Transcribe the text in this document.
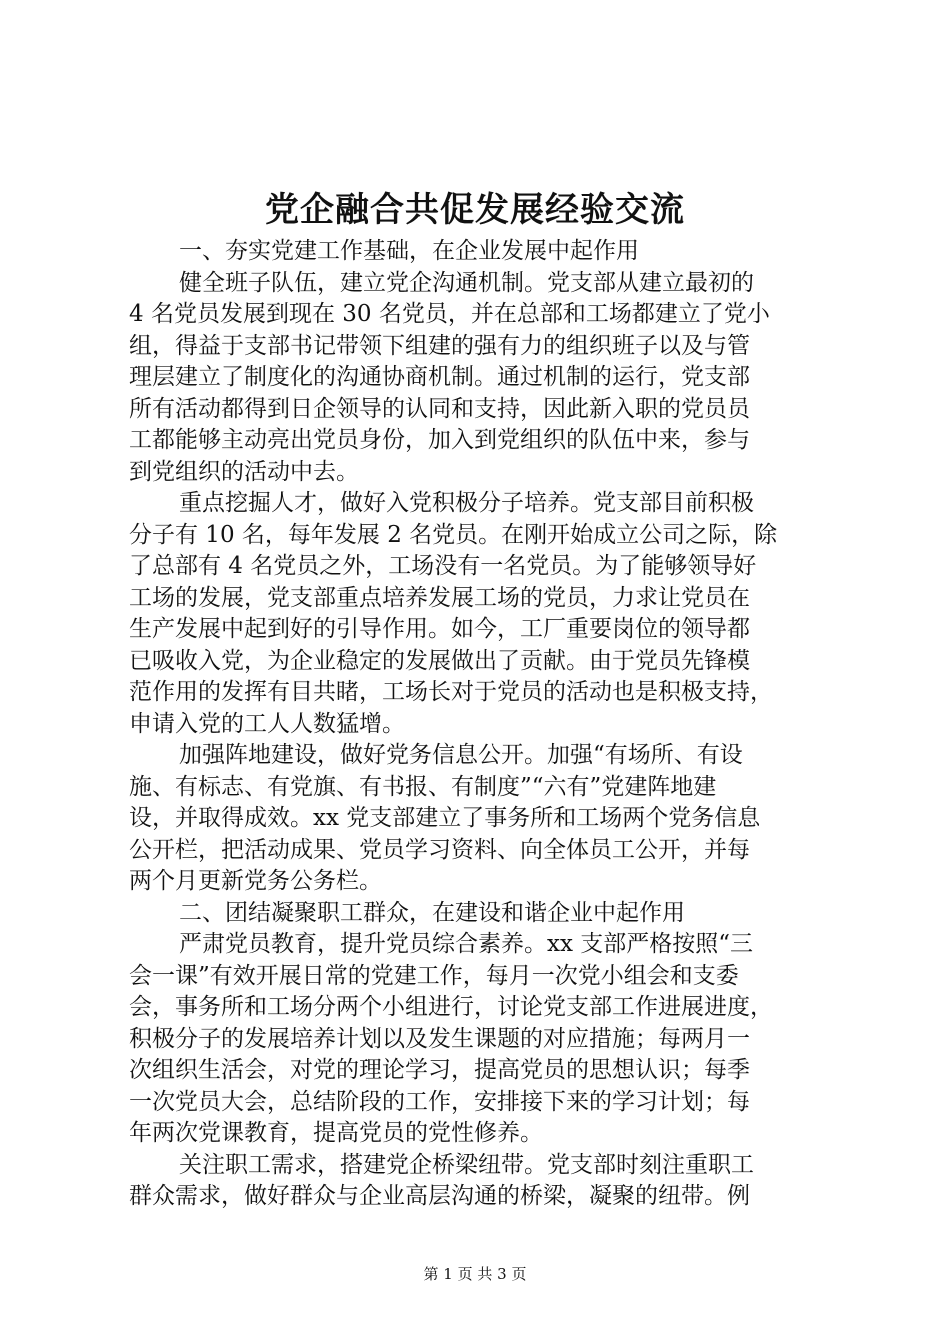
党企融合共促发展经验交流
一、夯实党建工作基础，在企业发展中起作用
健全班子队伍，建立党企沟通机制。党支部从建立最初的
4 名党员发展到现在 30 名党员，并在总部和工场都建立了党小
组，得益于支部书记带领下组建的强有力的组织班子以及与管
理层建立了制度化的沟通协商机制。通过机制的运行，党支部
所有活动都得到日企领导的认同和支持，因此新入职的党员员
工都能够主动亮出党员身份，加入到党组织的队伍中来，参与
到党组织的活动中去。
重点挖掘人才，做好入党积极分子培养。党支部目前积极
分子有 10 名，每年发展 2 名党员。在刚开始成立公司之际，除
了总部有 4 名党员之外，工场没有一名党员。为了能够领导好
工场的发展，党支部重点培养发展工场的党员，力求让党员在
生产发展中起到好的引导作用。如今，工厂重要岗位的领导都
已吸收入党，为企业稳定的发展做出了贡献。由于党员先锋模
范作用的发挥有目共睹，工场长对于党员的活动也是积极支持，
申请入党的工人人数猛增。
加强阵地建设，做好党务信息公开。加强“有场所、有设
施、有标志、有党旗、有书报、有制度”“六有”党建阵地建
设，并取得成效。xx 党支部建立了事务所和工场两个党务信息
公开栏，把活动成果、党员学习资料、向全体员工公开，并每
两个月更新党务公务栏。
二、团结凝聚职工群众，在建设和谐企业中起作用
严肃党员教育，提升党员综合素养。xx 支部严格按照“三
会一课”有效开展日常的党建工作，每月一次党小组会和支委
会，事务所和工场分两个小组进行，讨论党支部工作进展进度，
积极分子的发展培养计划以及发生课题的对应措施；每两月一
次组织生活会，对党的理论学习，提高党员的思想认识；每季
一次党员大会，总结阶段的工作，安排接下来的学习计划；每
年两次党课教育，提高党员的党性修养。
关注职工需求，搭建党企桥梁纽带。党支部时刻注重职工
群众需求，做好群众与企业高层沟通的桥梁，凝聚的纽带。例
第 1 页 共 3 页
